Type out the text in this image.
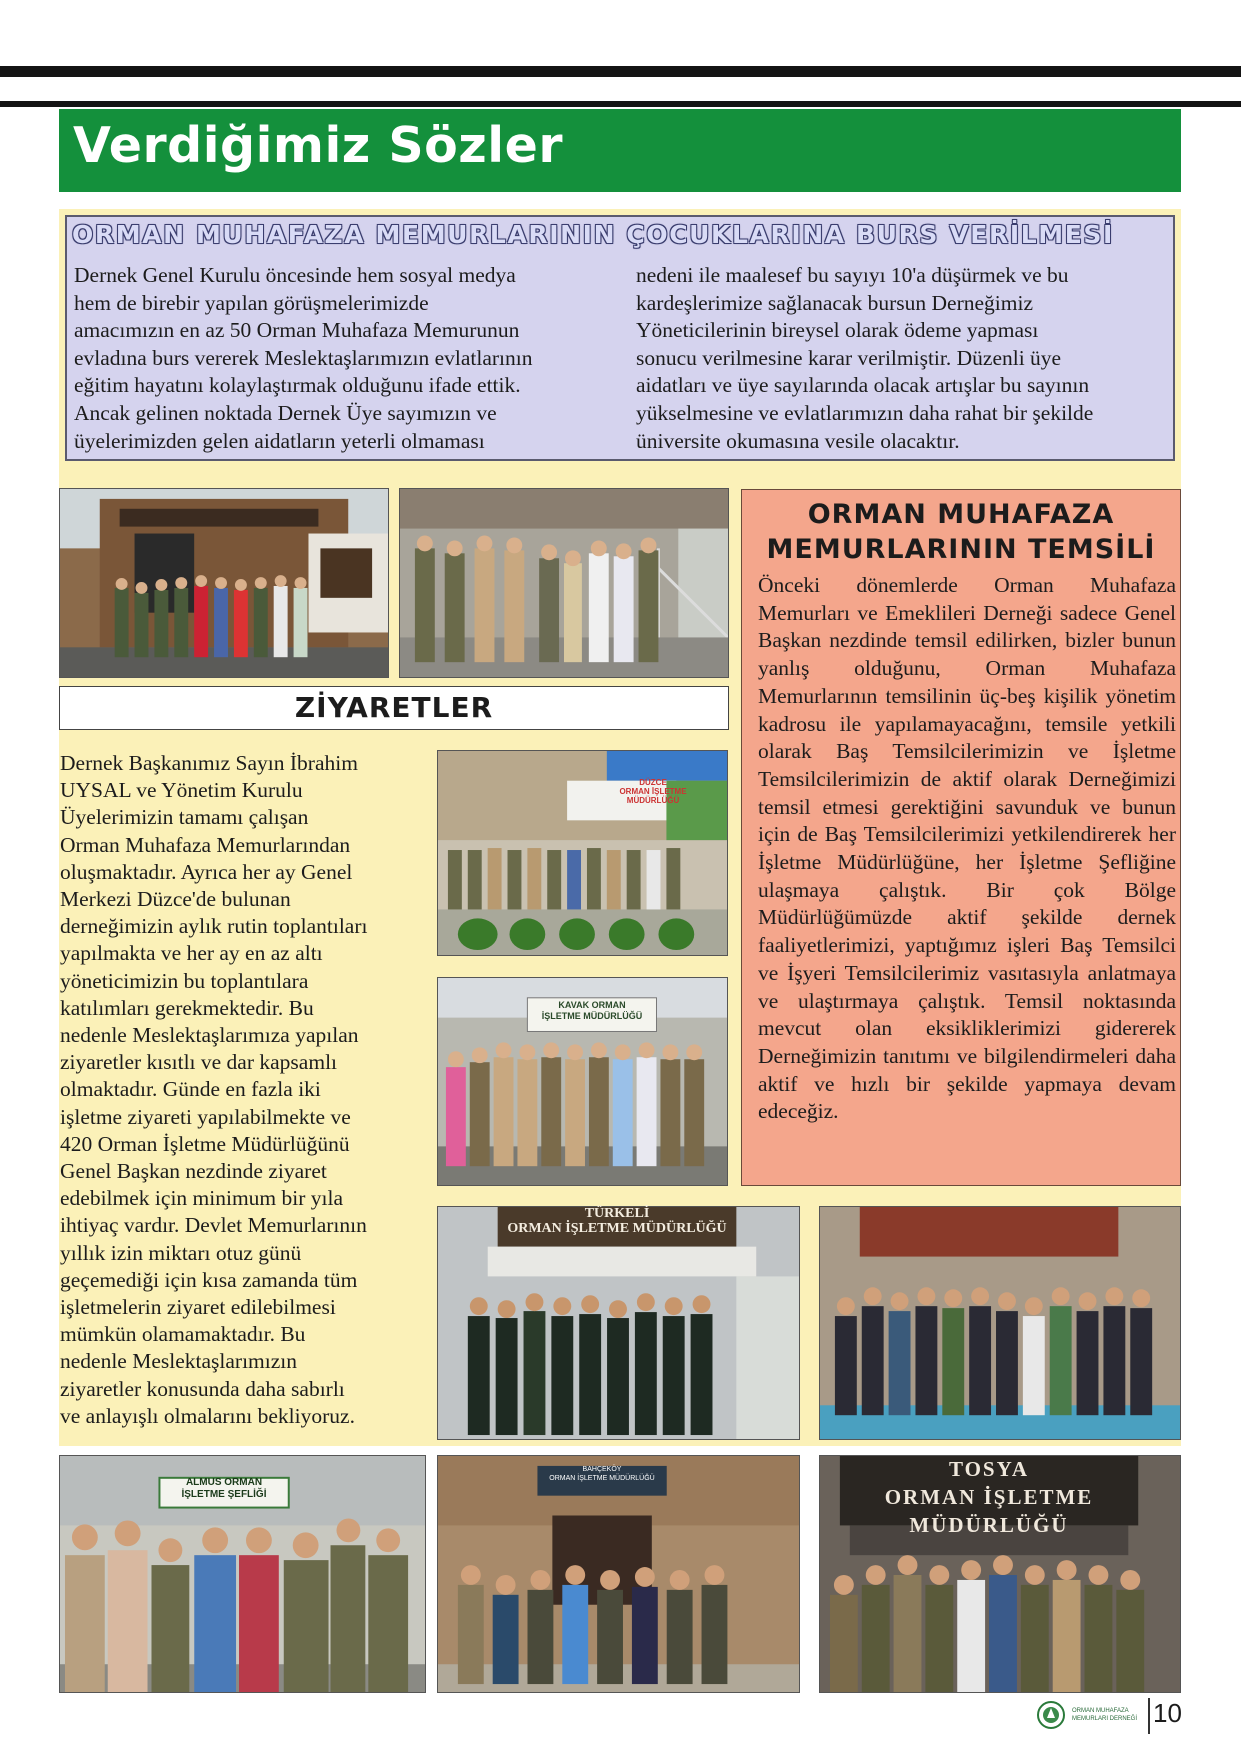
Verdiğimiz Sözler
ORMAN MUHAFAZA MEMURLARININ ÇOCUKLARINA BURS VERİLMESİ
Dernek Genel Kurulu öncesinde hem sosyal medya
hem de birebir yapılan görüşmelerimizde
amacımızın en az 50 Orman Muhafaza Memurunun
evladına burs vererek Meslektaşlarımızın evlatlarının
eğitim hayatını kolaylaştırmak olduğunu ifade ettik.
Ancak gelinen noktada Dernek Üye sayımızın ve
üyelerimizden gelen aidatların yeterli olmaması
nedeni ile maalesef bu sayıyı 10'a düşürmek ve bu
kardeşlerimize sağlanacak bursun Derneğimiz
Yöneticilerinin bireysel olarak ödeme yapması
sonucu verilmesine karar verilmiştir. Düzenli üye
aidatları ve üye sayılarında olacak artışlar bu sayının
yükselmesine ve evlatlarımızın daha rahat bir şekilde
üniversite okumasına vesile olacaktır.
ZİYARETLER
Dernek Başkanımız Sayın İbrahim
UYSAL ve Yönetim Kurulu
Üyelerimizin tamamı çalışan
Orman Muhafaza Memurlarından
oluşmaktadır. Ayrıca her ay Genel
Merkezi Düzce'de bulunan
derneğimizin aylık rutin toplantıları
yapılmakta ve her ay en az altı
yöneticimizin bu toplantılara
katılımları gerekmektedir. Bu
nedenle Meslektaşlarımıza yapılan
ziyaretler kısıtlı ve dar kapsamlı
olmaktadır. Günde en fazla iki
işletme ziyareti yapılabilmekte ve
420 Orman İşletme Müdürlüğünü
Genel Başkan nezdinde ziyaret
edebilmek için minimum bir yıla
ihtiyaç vardır. Devlet Memurlarının
yıllık izin miktarı otuz günü
geçemediği için kısa zamanda tüm
işletmelerin ziyaret edilebilmesi
mümkün olamamaktadır. Bu
nedenle Meslektaşlarımızın
ziyaretler konusunda daha sabırlı
ve anlayışlı olmalarını bekliyoruz.
ORMAN MUHAFAZA
MEMURLARININ TEMSİLİ
Önceki dönemlerde Orman Muhafaza Memurları ve Emeklileri Derneği sadece Genel Başkan nezdinde temsil edilirken, bizler bunun yanlış olduğunu, Orman Muhafaza Memurlarının temsilinin üç-beş kişilik yönetim kadrosu ile yapılamayacağını, temsile yetkili olarak Baş Temsilcilerimizin ve İşletme Temsilcilerimizin de aktif olarak Derneğimizi temsil etmesi gerektiğini savunduk ve bunun için de Baş Temsilcilerimizi yetkilendirerek her İşletme Müdürlüğüne, her İşletme Şefliğine ulaşmaya çalıştık. Bir çok Bölge Müdürlüğümüzde aktif şekilde dernek faaliyetlerimizi, yaptığımız işleri Baş Temsilci ve İşyeri Temsilcilerimiz vasıtasıyla anlatmaya ve ulaştırmaya çalıştık. Temsil noktasında mevcut olan eksikliklerimizi gidererek Derneğimizin tanıtımı ve bilgilendirmeleri daha aktif ve hızlı bir şekilde yapmaya devam edeceğiz.
DÜZCE
ORMAN İŞLETME
MÜDÜRLÜĞÜ
KAVAK ORMAN
İŞLETME MÜDÜRLÜĞÜ
TÜRKELİ
ORMAN İŞLETME MÜDÜRLÜĞÜ
ALMUS ORMAN
İŞLETME ŞEFLİĞİ
BAHÇEKÖY
ORMAN İŞLETME MÜDÜRLÜĞÜ	TOSYA
ORMAN İŞLETME MÜDÜRLÜĞÜ
ORMAN MUHAFAZA MEMURLARI DERNEĞİ 10
